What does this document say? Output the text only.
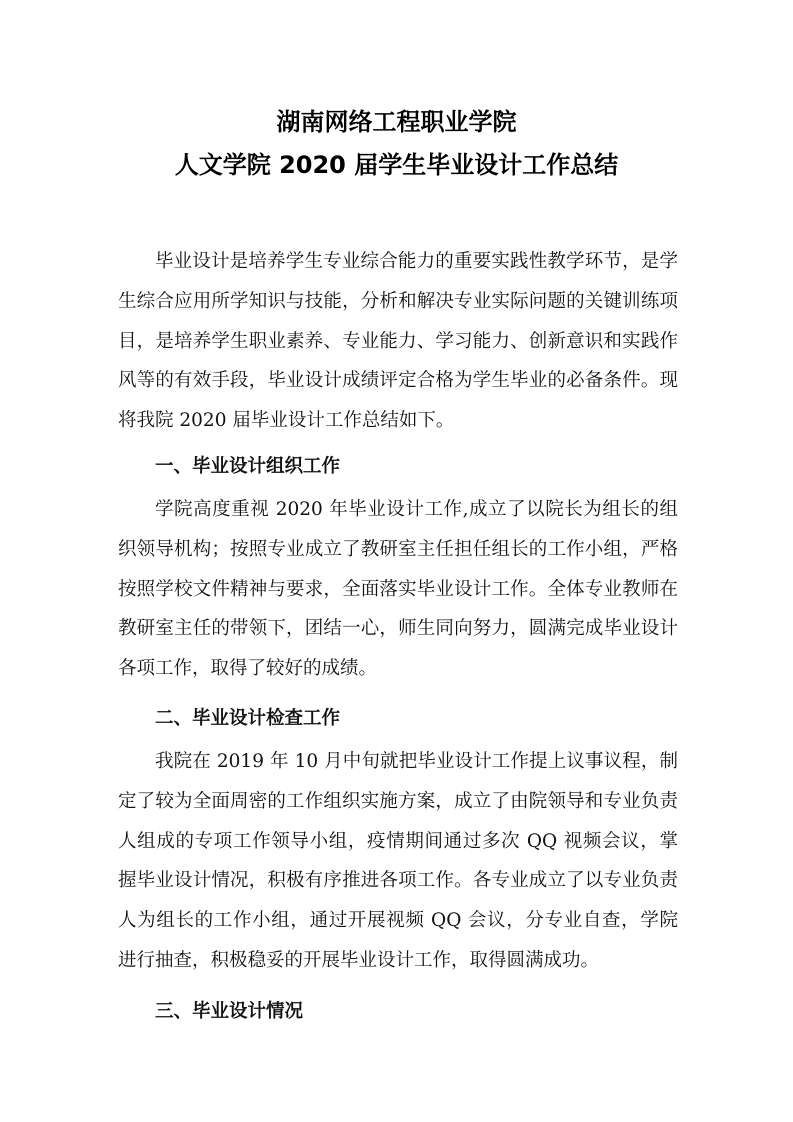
湖南网络工程职业学院
人文学院 2020 届学生毕业设计工作总结

毕业设计是培养学生专业综合能力的重要实践性教学环节，是学生综合应用所学知识与技能，分析和解决专业实际问题的关键训练项目，是培养学生职业素养、专业能力、学习能力、创新意识和实践作风等的有效手段，毕业设计成绩评定合格为学生毕业的必备条件。现将我院 2020 届毕业设计工作总结如下。

一、毕业设计组织工作

学院高度重视 2020 年毕业设计工作,成立了以院长为组长的组织领导机构；按照专业成立了教研室主任担任组长的工作小组，严格按照学校文件精神与要求，全面落实毕业设计工作。全体专业教师在教研室主任的带领下，团结一心，师生同向努力，圆满完成毕业设计各项工作，取得了较好的成绩。

二、毕业设计检查工作

我院在 2019 年 10 月中旬就把毕业设计工作提上议事议程，制定了较为全面周密的工作组织实施方案，成立了由院领导和专业负责人组成的专项工作领导小组，疫情期间通过多次 QQ 视频会议，掌握毕业设计情况，积极有序推进各项工作。各专业成立了以专业负责人为组长的工作小组，通过开展视频 QQ 会议，分专业自查，学院进行抽查，积极稳妥的开展毕业设计工作，取得圆满成功。

三、毕业设计情况
